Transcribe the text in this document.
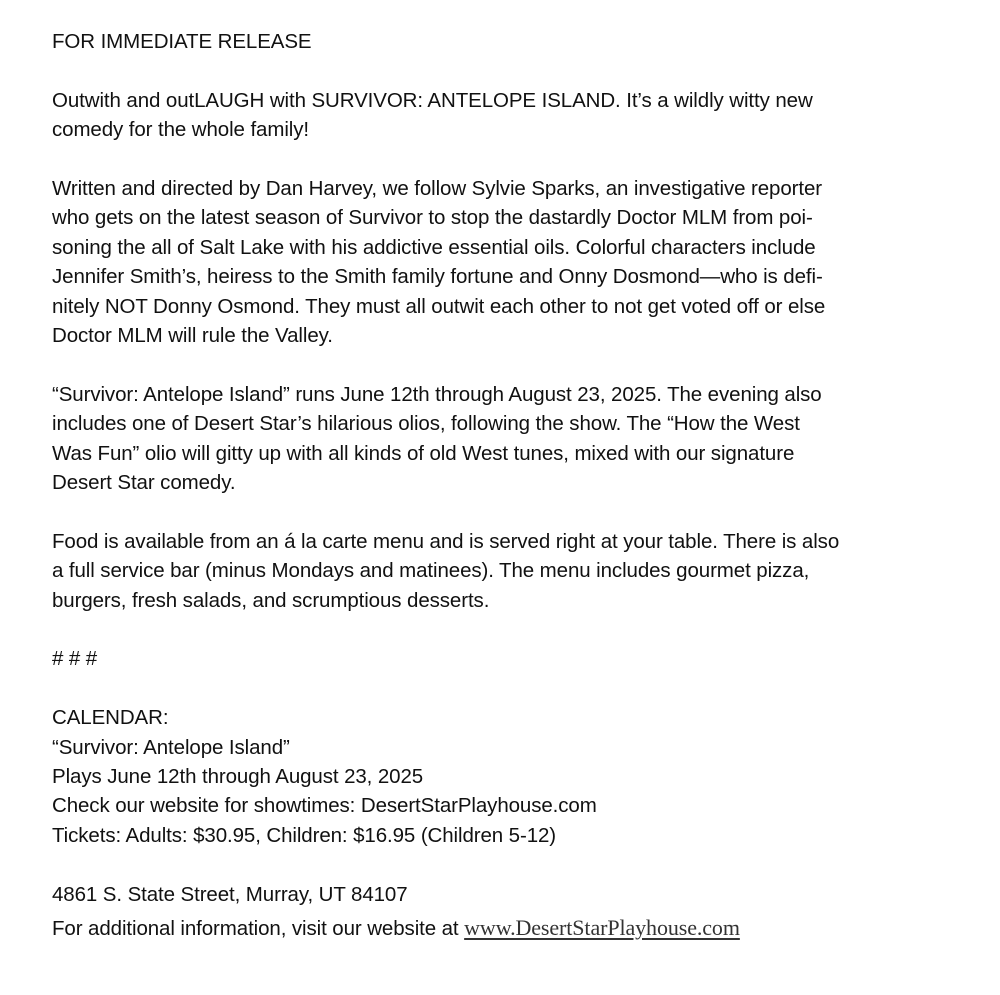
FOR IMMEDIATE RELEASE

Outwith and outLAUGH with SURVIVOR: ANTELOPE ISLAND. It’s a wildly witty new
comedy for the whole family!

Written and directed by Dan Harvey, we follow Sylvie Sparks, an investigative reporter
who gets on the latest season of Survivor to stop the dastardly Doctor MLM from poi-
soning the all of Salt Lake with his addictive essential oils. Colorful characters include
Jennifer Smith’s, heiress to the Smith family fortune and Onny Dosmond—who is defi-
nitely NOT Donny Osmond. They must all outwit each other to not get voted off or else
Doctor MLM will rule the Valley.

“Survivor: Antelope Island” runs June 12th through August 23, 2025. The evening also
includes one of Desert Star’s hilarious olios, following the show. The “How the West
Was Fun” olio will gitty up with all kinds of old West tunes, mixed with our signature
Desert Star comedy.

Food is available from an á la carte menu and is served right at your table. There is also
a full service bar (minus Mondays and matinees). The menu includes gourmet pizza,
burgers, fresh salads, and scrumptious desserts.

# # #

CALENDAR:
“Survivor: Antelope Island”
Plays June 12th through August 23, 2025
Check our website for showtimes: DesertStarPlayhouse.com
Tickets: Adults: $30.95, Children: $16.95 (Children 5-12)

4861 S. State Street, Murray, UT 84107
For additional information, visit our website at www.DesertStarPlayhouse.com
